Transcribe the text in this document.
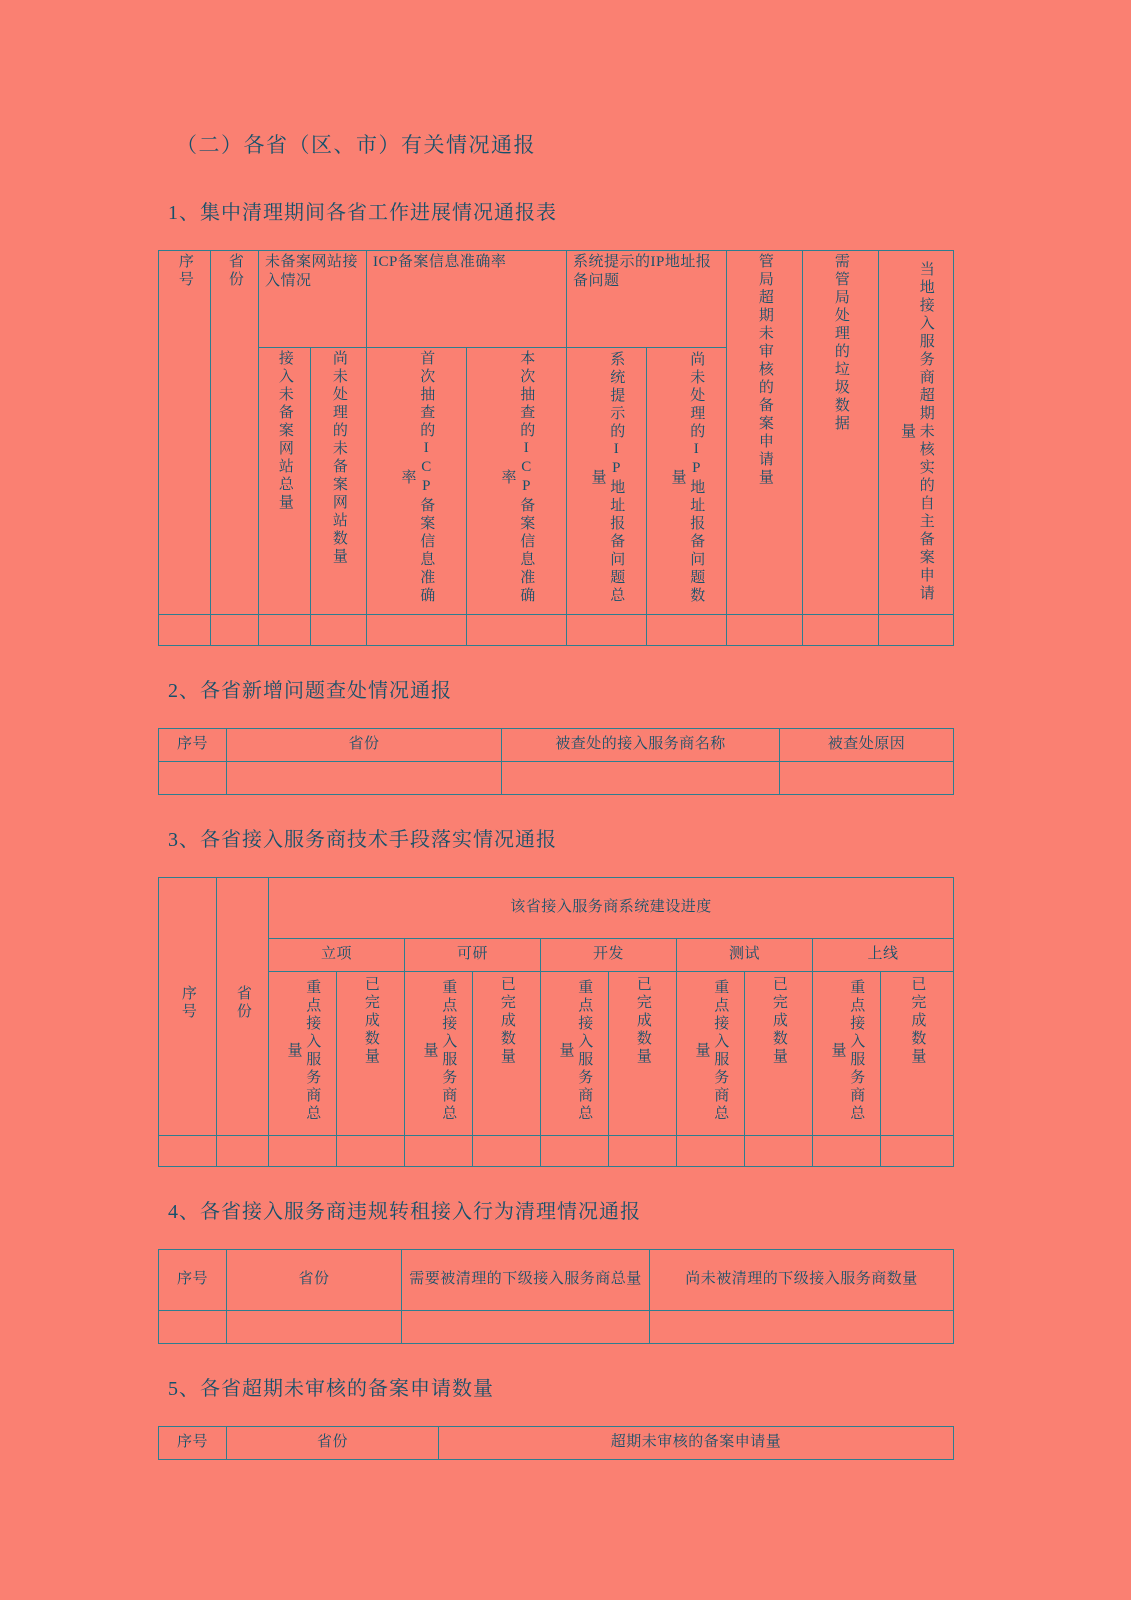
（二）各省（区、市）有关情况通报
1、集中清理期间各省工作进展情况通报表
序号	省份	未备案网站接入情况		ICP备案信息准确率		系统提示的IP地址报备问题		管局超期未审核的备案申请量	需管局处理的垃圾数据	当地接入服务商超期未核实的自主备案申请量
		接入未备案网站总量	尚未处理的未备案网站数量	首次抽查的ICP备案信息准确率	本次抽查的ICP备案信息准确率	系统提示的IP地址报备问题总量	尚未处理的IP地址报备问题数量			

2、各省新增问题查处情况通报
序号	省份	被查处的接入服务商名称	被查处原因

3、各省接入服务商技术手段落实情况通报
序号	省份	该省接入服务商系统建设进度									
		立项		可研		开发		测试		上线	
		重点接入服务商总量	已完成数量	重点接入服务商总量	已完成数量	重点接入服务商总量	已完成数量	重点接入服务商总量	已完成数量	重点接入服务商总量	已完成数量

4、各省接入服务商违规转租接入行为清理情况通报
序号	省份	需要被清理的下级接入服务商总量	尚未被清理的下级接入服务商数量

5、各省超期未审核的备案申请数量
序号	省份	超期未审核的备案申请量
